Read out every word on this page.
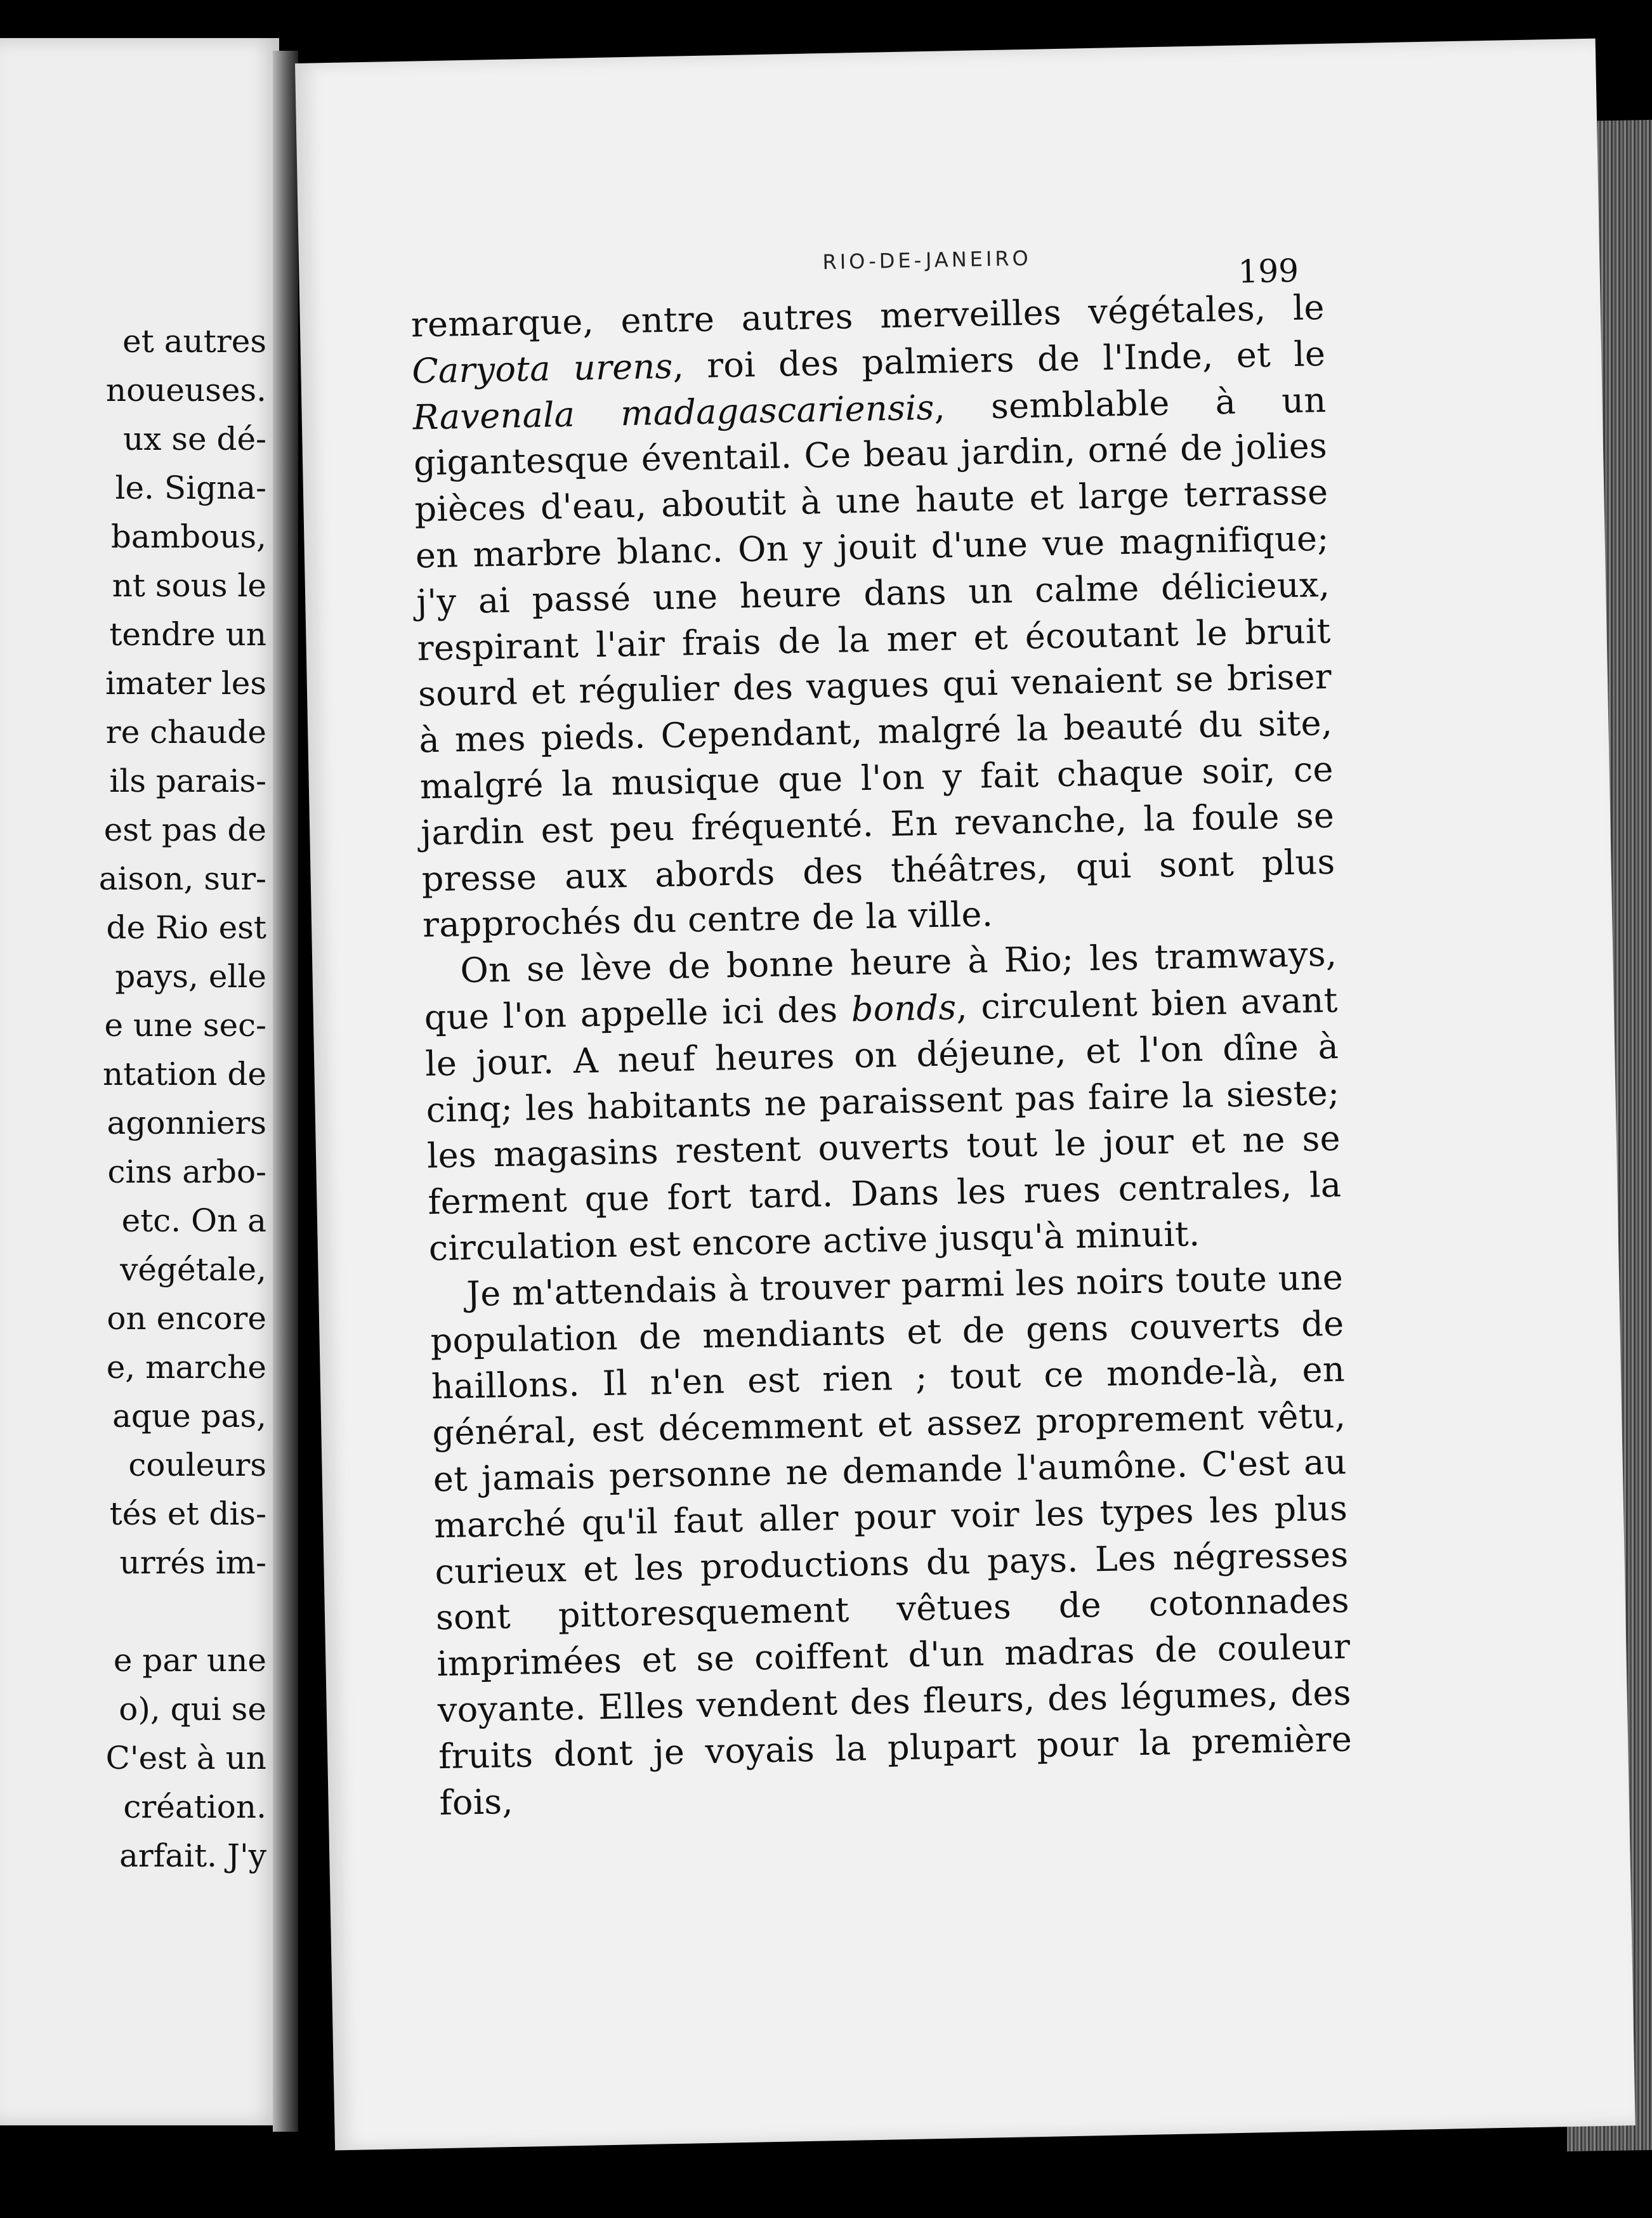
et autres
noueuses.
ux se dé-
le. Signa-
bambous,
nt sous le
tendre un
imater les
re chaude
ils parais-
est pas de
aison, sur-
de Rio est
pays, elle
e une sec-
ntation de
agonniers
cins arbo-
etc. On a
végétale,
on encore
e, marche
aque pas,
couleurs
tés et dis-
urrés im-
e par une
o), qui se
C'est à un
création.
arfait. J'y
RIO-DE-JANEIRO	199

remarque, entre autres merveilles végétales, le Caryota urens, roi des palmiers de l'Inde, et le Ravenala madagascariensis, semblable à un gigantesque éventail. Ce beau jardin, orné de jolies pièces d'eau, aboutit à une haute et large terrasse en marbre blanc. On y jouit d'une vue magnifique; j'y ai passé une heure dans un calme délicieux, respirant l'air frais de la mer et écoutant le bruit sourd et régulier des vagues qui venaient se briser à mes pieds. Cependant, malgré la beauté du site, malgré la musique que l'on y fait chaque soir, ce jardin est peu fréquenté. En revanche, la foule se presse aux abords des théâtres, qui sont plus rapprochés du centre de la ville.

On se lève de bonne heure à Rio; les tramways, que l'on appelle ici des bonds, circulent bien avant le jour. A neuf heures on déjeune, et l'on dîne à cinq; les habitants ne paraissent pas faire la sieste; les magasins restent ouverts tout le jour et ne se ferment que fort tard. Dans les rues centrales, la circulation est encore active jusqu'à minuit.

Je m'attendais à trouver parmi les noirs toute une population de mendiants et de gens couverts de haillons. Il n'en est rien ; tout ce monde-là, en général, est décemment et assez proprement vêtu, et jamais personne ne demande l'aumône. C'est au marché qu'il faut aller pour voir les types les plus curieux et les productions du pays. Les négresses sont pittoresquement vêtues de cotonnades imprimées et se coiffent d'un madras de couleur voyante. Elles vendent des fleurs, des légumes, des fruits dont je voyais la plupart pour la première fois,
